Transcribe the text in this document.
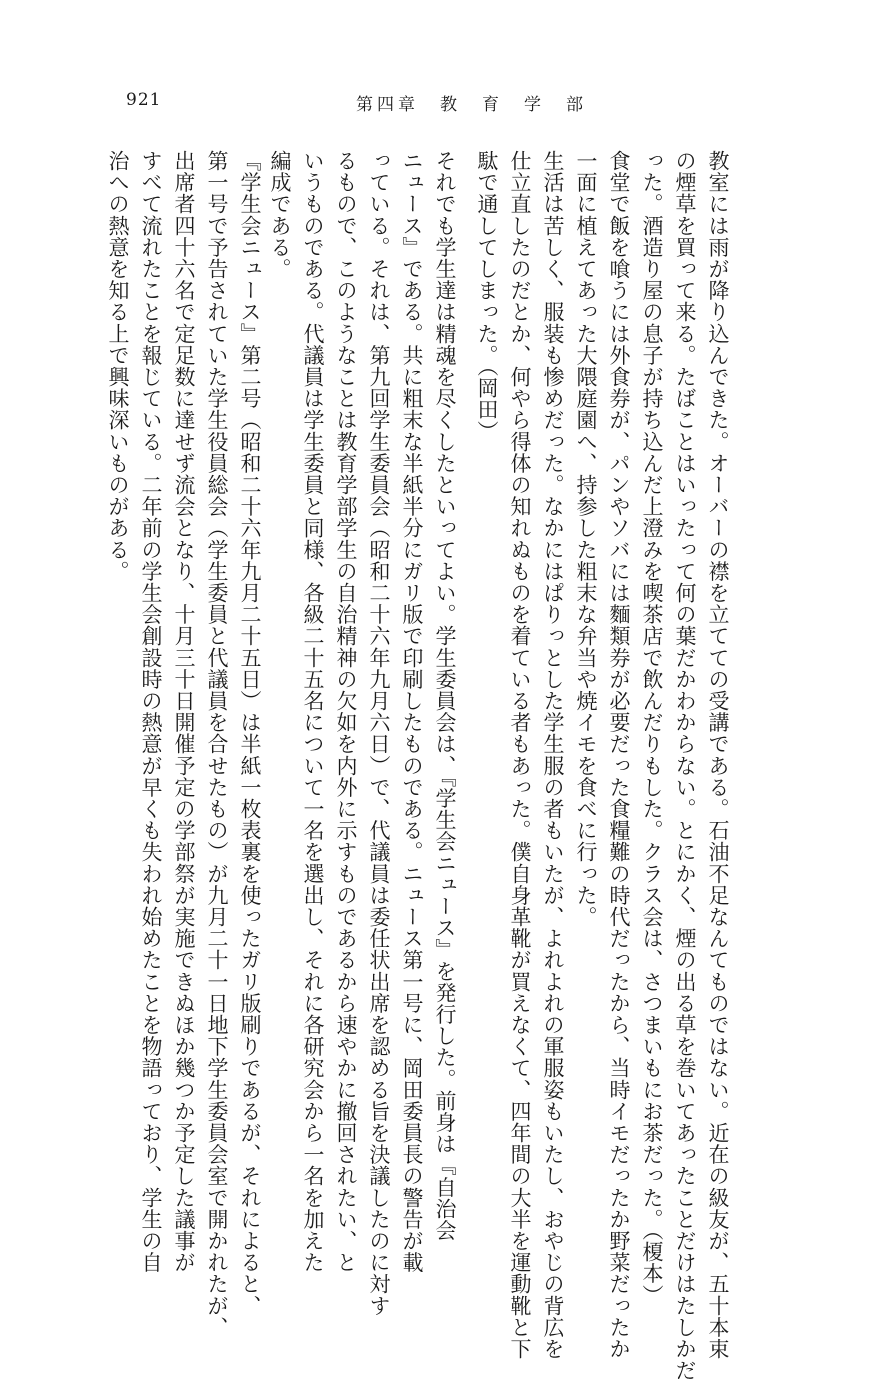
921	第四章　教　育　学　部

教室には雨が降り込んできた。オーバーの襟を立てての受講である。石油不足なんてものではない。近在の級友が、五十本束

の煙草を買って来る。たばことはいったって何の葉だかわからない。とにかく、煙の出る草を巻いてあったことだけはたしかだ

った。酒造り屋の息子が持ち込んだ上澄みを喫茶店で飲んだりもした。クラス会は、さつまいもにお茶だった。（榎本）

食堂で飯を喰うには外食券が、パンやソバには麵類券が必要だった食糧難の時代だったから、当時イモだったか野菜だったか

一面に植えてあった大隈庭園へ、持参した粗末な弁当や焼イモを食べに行った。

生活は苦しく、服装も惨めだった。なかにはぱりっとした学生服の者もいたが、よれよれの軍服姿もいたし、おやじの背広を

仕立直したのだとか、何やら得体の知れぬものを着ている者もあった。僕自身革靴が買えなくて、四年間の大半を運動靴と下

駄で通してしまった。（岡田）

それでも学生達は精魂を尽くしたといってよい。学生委員会は、『学生会ニュース』を発行した。前身は『自治会

ニュース』である。共に粗末な半紙半分にガリ版で印刷したものである。ニュース第一号に、岡田委員長の警告が載

っている。それは、第九回学生委員会（昭和二十六年九月六日）で、代議員は委任状出席を認める旨を決議したのに対す

るもので、このようなことは教育学部学生の自治精神の欠如を内外に示すものであるから速やかに撤回されたい、と

いうものである。代議員は学生委員と同様、各級二十五名について一名を選出し、それに各研究会から一名を加えた

編成である。

『学生会ニュース』第二号（昭和二十六年九月二十五日）は半紙一枚表裏を使ったガリ版刷りであるが、それによると、

第一号で予告されていた学生役員総会（学生委員と代議員を合せたもの）が九月二十一日地下学生委員会室で開かれたが、

出席者四十六名で定足数に達せず流会となり、十月三十日開催予定の学部祭が実施できぬほか幾つか予定した議事が

すべて流れたことを報じている。二年前の学生会創設時の熱意が早くも失われ始めたことを物語っており、学生の自

治への熱意を知る上で興味深いものがある。
